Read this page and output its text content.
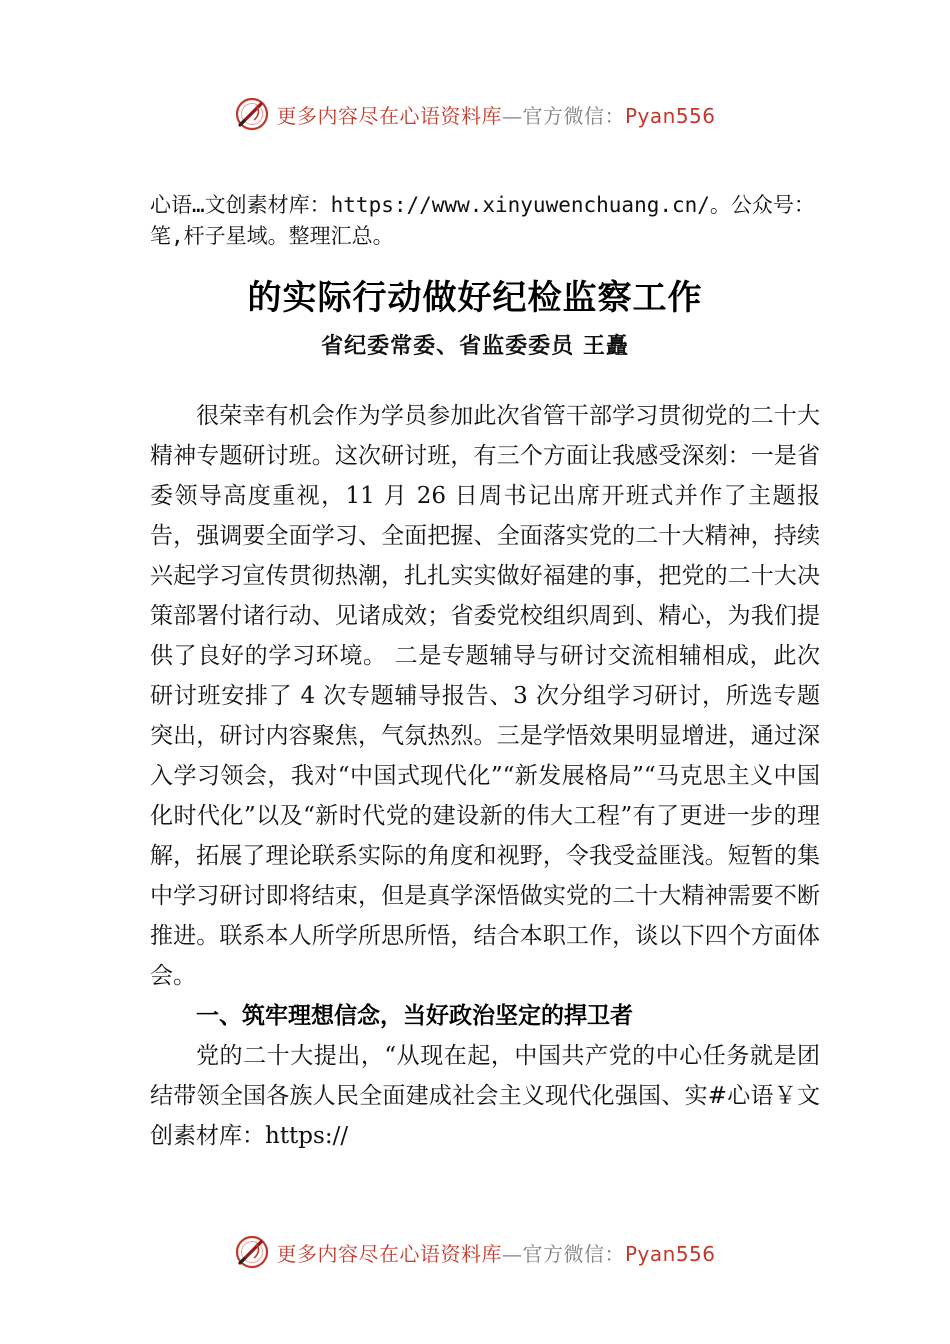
更多内容尽在心语资料库—官方微信：Pyan556
心语…文创素材库：https://www.xinyuwenchuang.cn/。公众号：笔,杆子星域。整理汇总。
的实际行动做好纪检监察工作
省纪委常委、省监委委员 王矗

很荣幸有机会作为学员参加此次省管干部学习贯彻党的二十大精神专题研讨班。这次研讨班，有三个方面让我感受深刻：一是省委领导高度重视，11 月 26 日周书记出席开班式并作了主题报告，强调要全面学习、全面把握、全面落实党的二十大精神，持续兴起学习宣传贯彻热潮，扎扎实实做好福建的事，把党的二十大决策部署付诸行动、见诸成效；省委党校组织周到、精心，为我们提供了良好的学习环境。 二是专题辅导与研讨交流相辅相成，此次研讨班安排了 4 次专题辅导报告、3 次分组学习研讨，所选专题突出，研讨内容聚焦，气氛热烈。三是学悟效果明显增进，通过深入学习领会，我对“中国式现代化”“新发展格局”“马克思主义中国化时代化”以及“新时代党的建设新的伟大工程”有了更进一步的理解，拓展了理论联系实际的角度和视野，令我受益匪浅。短暂的集中学习研讨即将结束，但是真学深悟做实党的二十大精神需要不断推进。联系本人所学所思所悟，结合本职工作，谈以下四个方面体会。

一、筑牢理想信念，当好政治坚定的捍卫者

党的二十大提出，“从现在起，中国共产党的中心任务就是团结带领全国各族人民全面建成社会主义现代化强国、实#心语￥文创素材库：https://

更多内容尽在心语资料库—官方微信：Pyan556
